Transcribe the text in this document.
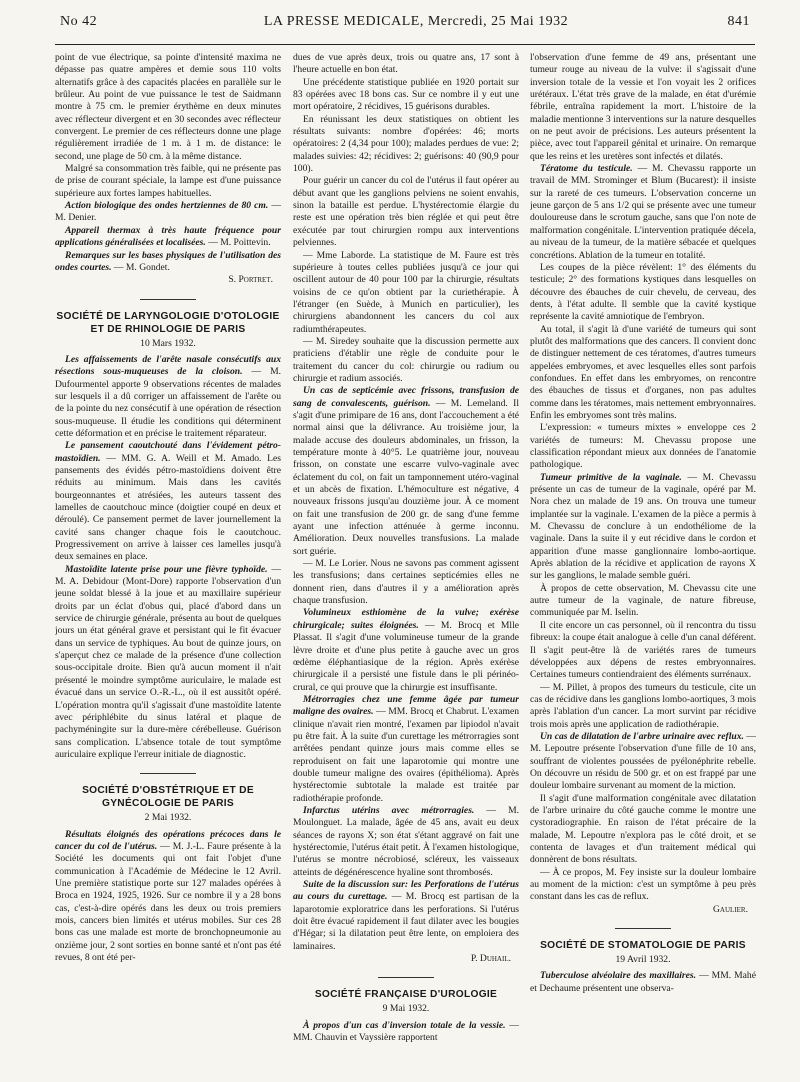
No 42	LA PRESSE MEDICALE, Mercredi, 25 Mai 1932	841

point de vue électrique, sa pointe d'intensité maxima ne dépasse pas quatre ampères et demie sous 110 volts alternatifs grâce à des capacités placées en parallèle sur le brûleur. Au point de vue puissance le test de Saidmann montre à 75 cm. le premier érythème en deux minutes avec réflecteur divergent et en 30 secondes avec réflecteur convergent. Le premier de ces réflecteurs donne une plage régulièrement irradiée de 1 m. à 1 m. de distance: le second, une plage de 50 cm. à la même distance.

Malgré sa consommation très faible, qui ne présente pas de prise de courant spéciale, la lampe est d'une puissance supérieure aux fortes lampes habituelles.

Action biologique des ondes hertziennes de 80 cm. — M. Denier.

Appareil thermax à très haute fréquence pour applications généralisées et localisées. — M. Poittevin.

Remarques sur les bases physiques de l'utilisation des ondes courtes. — M. Gondet.

S. Portret.

SOCIÉTÉ DE LARYNGOLOGIE D'OTOLOGIE ET DE RHINOLOGIE DE PARIS

10 Mars 1932.

Les affaissements de l'arête nasale consécutifs aux résections sous-muqueuses de la cloison. — M. Dufourmentel apporte 9 observations récentes de malades sur lesquels il a dû corriger un affaissement de l'arête ou de la pointe du nez consécutif à une opération de résection sous-muqueuse. Il étudie les conditions qui déterminent cette déformation et en précise le traitement réparateur.

Le pansement caoutchouté dans l'évidement pétro-mastoïdien. — MM. G. A. Weill et M. Amado. Les pansements des évidés pétro-mastoïdiens doivent être réduits au minimum. Mais dans les cavités bourgeonnantes et atrésiées, les auteurs tassent des lamelles de caoutchouc mince (doigtier coupé en deux et déroulé). Ce pansement permet de laver journellement la cavité sans changer chaque fois le caoutchouc. Progressivement on arrive à laisser ces lamelles jusqu'à deux semaines en place.

Mastoïdite latente prise pour une fièvre typhoïde. — M. A. Debidour (Mont-Dore) rapporte l'observation d'un jeune soldat blessé à la joue et au maxillaire supérieur droits par un éclat d'obus qui, placé d'abord dans un service de chirurgie générale, présenta au bout de quelques jours un état général grave et persistant qui le fit évacuer dans un service de typhiques. Au bout de quinze jours, on s'aperçut chez ce malade de la présence d'une collection sous-occipitale droite. Bien qu'à aucun moment il n'ait présenté le moindre symptôme auriculaire, le malade est évacué dans un service O.-R.-L., où il est aussitôt opéré. L'opération montra qu'il s'agissait d'une mastoïdite latente avec périphlébite du sinus latéral et plaque de pachyméningite sur la dure-mère cérébelleuse. Guérison sans complication. L'absence totale de tout symptôme auriculaire explique l'erreur initiale de diagnostic.

SOCIÉTÉ D'OBSTÉTRIQUE ET DE GYNÉCOLOGIE DE PARIS

2 Mai 1932.

Résultats éloignés des opérations précoces dans le cancer du col de l'utérus. — M. J.-L. Faure présente à la Société les documents qui ont fait l'objet d'une communication à l'Académie de Médecine le 12 Avril. Une première statistique porte sur 127 malades opérées à Broca en 1924, 1925, 1926. Sur ce nombre il y a 28 bons cas, c'est-à-dire opérés dans les deux ou trois premiers mois, cancers bien limités et utérus mobiles. Sur ces 28 bons cas une malade est morte de bronchopneumonie au onzième jour, 2 sont sorties en bonne santé et n'ont pas été revues, 8 ont été per-

dues de vue après deux, trois ou quatre ans, 17 sont à l'heure actuelle en bon état.

Une précédente statistique publiée en 1920 portait sur 83 opérées avec 18 bons cas. Sur ce nombre il y eut une mort opératoire, 2 récidives, 15 guérisons durables.

En réunissant les deux statistiques on obtient les résultats suivants: nombre d'opérées: 46; morts opératoires: 2 (4,34 pour 100); malades perdues de vue: 2; malades suivies: 42; récidives: 2; guérisons: 40 (90,9 pour 100).

Pour guérir un cancer du col de l'utérus il faut opérer au début avant que les ganglions pelviens ne soient envahis, sinon la bataille est perdue. L'hystérectomie élargie du reste est une opération très bien réglée et qui peut être exécutée par tout chirurgien rompu aux interventions pelviennes.

— Mme Laborde. La statistique de M. Faure est très supérieure à toutes celles publiées jusqu'à ce jour qui oscillent autour de 40 pour 100 par la chirurgie, résultats voisins de ce qu'on obtient par la curiethérapie. À l'étranger (en Suède, à Munich en particulier), les chirurgiens abandonnent les cancers du col aux radiumthérapeutes.

— M. Siredey souhaite que la discussion permette aux praticiens d'établir une règle de conduite pour le traitement du cancer du col: chirurgie ou radium ou chirurgie et radium associés.

Un cas de septicémie avec frissons, transfusion de sang de convalescents, guérison. — M. Lemeland. Il s'agit d'une primipare de 16 ans, dont l'accouchement a été normal ainsi que la délivrance. Au troisième jour, la malade accuse des douleurs abdominales, un frisson, la température monte à 40°5. Le quatrième jour, nouveau frisson, on constate une escarre vulvo-vaginale avec éclatement du col, on fait un tamponnement utéro-vaginal et un abcès de fixation. L'hémoculture est négative, 4 nouveaux frissons jusqu'au douzième jour. À ce moment on fait une transfusion de 200 gr. de sang d'une femme ayant une infection atténuée à germe inconnu. Amélioration. Deux nouvelles transfusions. La malade sort guérie.

— M. Le Lorier. Nous ne savons pas comment agissent les transfusions; dans certaines septicémies elles ne donnent rien, dans d'autres il y a amélioration après chaque transfusion.

Volumineux esthiomène de la vulve; exérèse chirurgicale; suites éloignées. — M. Brocq et Mlle Plassat. Il s'agit d'une volumineuse tumeur de la grande lèvre droite et d'une plus petite à gauche avec un gros œdème éléphantiasique de la région. Après exérèse chirurgicale il a persisté une fistule dans le pli périnéo-crural, ce qui prouve que la chirurgie est insuffisante.

Métrorragies chez une femme âgée par tumeur maligne des ovaires. — MM. Brocq et Chabrut. L'examen clinique n'avait rien montré, l'examen par lipiodol n'avait pu être fait. À la suite d'un curettage les métrorragies sont arrêtées pendant quinze jours mais comme elles se reproduisent on fait une laparotomie qui montre une double tumeur maligne des ovaires (épithélioma). Après hystérectomie subtotale la malade est traitée par radiothérapie profonde.

Infarctus utérins avec métrorragies. — M. Moulonguet. La malade, âgée de 45 ans, avait eu deux séances de rayons X; son état s'étant aggravé on fait une hystérectomie, l'utérus était petit. À l'examen histologique, l'utérus se montre nécrobiosé, scléreux, les vaisseaux atteints de dégénérescence hyaline sont thrombosés.

Suite de la discussion sur: les Perforations de l'utérus au cours du curettage. — M. Brocq est partisan de la laparotomie exploratrice dans les perforations. Si l'utérus doit être évacué rapidement il faut dilater avec les bougies d'Hégar; si la dilatation peut être lente, on emploiera des laminaires.

P. Duhail.

SOCIÉTÉ FRANÇAISE D'UROLOGIE

9 Mai 1932.

À propos d'un cas d'inversion totale de la vessie. — MM. Chauvin et Vayssière rapportent

l'observation d'une femme de 49 ans, présentant une tumeur rouge au niveau de la vulve: il s'agissait d'une inversion totale de la vessie et l'on voyait les 2 orifices urétéraux. L'état très grave de la malade, en état d'urémie fébrile, entraîna rapidement la mort. L'histoire de la maladie mentionne 3 interventions sur la nature desquelles on ne peut avoir de précisions. Les auteurs présentent la pièce, avec tout l'appareil génital et urinaire. On remarque que les reins et les uretères sont infectés et dilatés.

Tératome du testicule. — M. Chevassu rapporte un travail de MM. Strominger et Blum (Bucarest): il insiste sur la rareté de ces tumeurs. L'observation concerne un jeune garçon de 5 ans 1/2 qui se présente avec une tumeur douloureuse dans le scrotum gauche, sans que l'on note de malformation congénitale. L'intervention pratiquée décela, au niveau de la tumeur, de la matière sébacée et quelques concrétions. Ablation de la tumeur en totalité.

Les coupes de la pièce révèlent: 1° des éléments du testicule; 2° des formations kystiques dans lesquelles on découvre des ébauches de cuir chevelu, de cerveau, des dents, à l'état adulte. Il semble que la cavité kystique représente la cavité amniotique de l'embryon.

Au total, il s'agit là d'une variété de tumeurs qui sont plutôt des malformations que des cancers. Il convient donc de distinguer nettement de ces tératomes, d'autres tumeurs appelées embryomes, et avec lesquelles elles sont parfois confondues. En effet dans les embryomes, on rencontre des ébauches de tissus et d'organes, non pas adultes comme dans les tératomes, mais nettement embryonnaires. Enfin les embryomes sont très malins.

L'expression: « tumeurs mixtes » enveloppe ces 2 variétés de tumeurs: M. Chevassu propose une classification répondant mieux aux données de l'anatomie pathologique.

Tumeur primitive de la vaginale. — M. Chevassu présente un cas de tumeur de la vaginale, opéré par M. Nora chez un malade de 19 ans. On trouva une tumeur implantée sur la vaginale. L'examen de la pièce a permis à M. Chevassu de conclure à un endothéliome de la vaginale. Dans la suite il y eut récidive dans le cordon et apparition d'une masse ganglionnaire lombo-aortique. Après ablation de la récidive et application de rayons X sur les ganglions, le malade semble guéri.

À propos de cette observation, M. Chevassu cite une autre tumeur de la vaginale, de nature fibreuse, communiquée par M. Iselin.

Il cite encore un cas personnel, où il rencontra du tissu fibreux: la coupe était analogue à celle d'un canal déférent. Il s'agit peut-être là de variétés rares de tumeurs développées aux dépens de restes embryonnaires. Certaines tumeurs contiendraient des éléments surrénaux.

— M. Pillet, à propos des tumeurs du testicule, cite un cas de récidive dans les ganglions lombo-aortiques, 3 mois après l'ablation d'un cancer. La mort survint par récidive trois mois après une application de radiothérapie.

Un cas de dilatation de l'arbre urinaire avec reflux. — M. Lepoutre présente l'observation d'une fille de 10 ans, souffrant de violentes poussées de pyélonéphrite rebelle. On découvre un résidu de 500 gr. et on est frappé par une douleur lombaire survenant au moment de la miction.

Il s'agit d'une malformation congénitale avec dilatation de l'arbre urinaire du côté gauche comme le montre une cystoradiographie. En raison de l'état précaire de la malade, M. Lepoutre n'explora pas le côté droit, et se contenta de lavages et d'un traitement médical qui donnèrent de bons résultats.

— À ce propos, M. Fey insiste sur la douleur lombaire au moment de la miction: c'est un symptôme à peu près constant dans les cas de reflux.

Gaulier.

SOCIÉTÉ DE STOMATOLOGIE DE PARIS

19 Avril 1932.

Tuberculose alvéolaire des maxillaires. — MM. Mahé et Dechaume présentent une observa-
